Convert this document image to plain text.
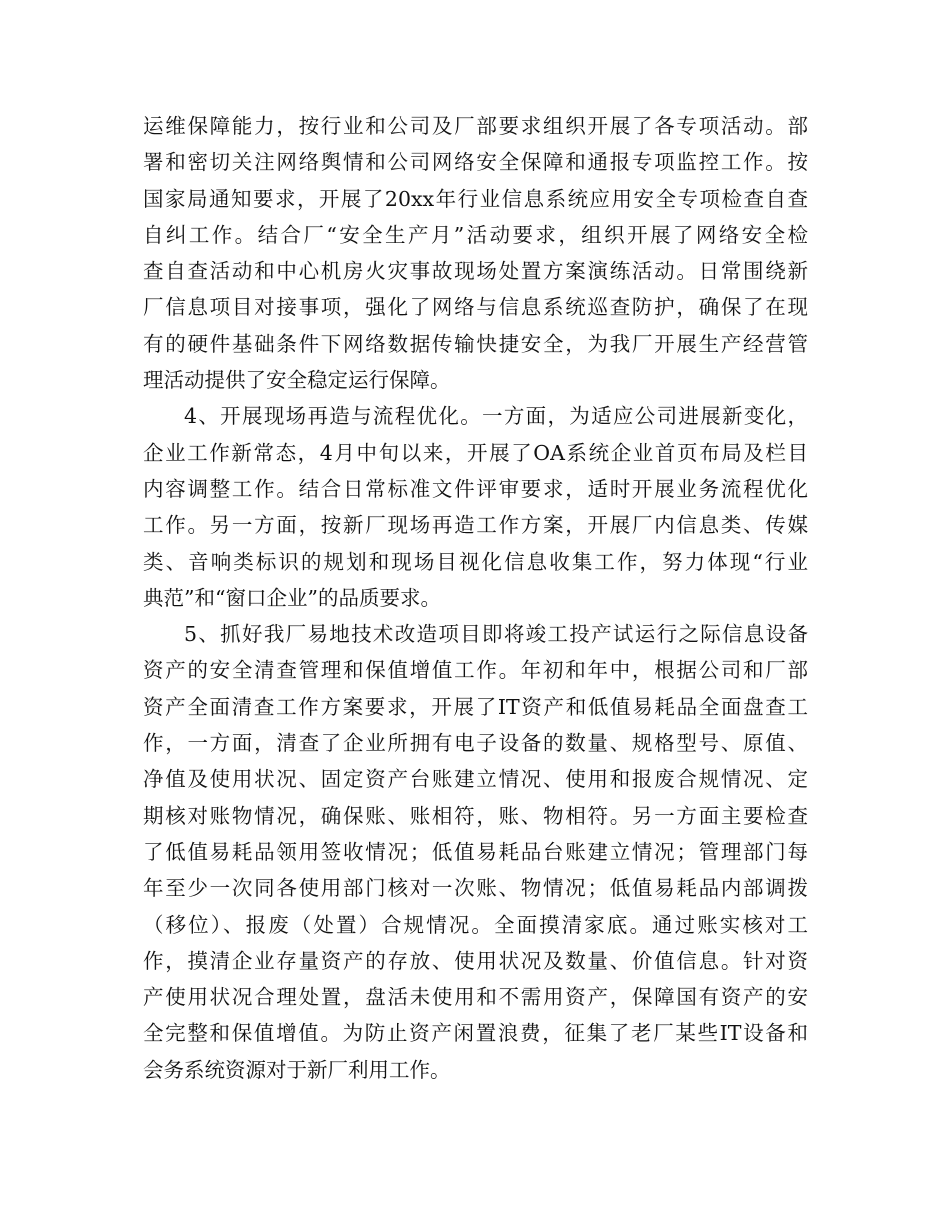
运维保障能力，按行业和公司及厂部要求组织开展了各专项活动。部
署和密切关注网络舆情和公司网络安全保障和通报专项监控工作。按
国家局通知要求，开展了20xx年行业信息系统应用安全专项检查自查
自纠工作。结合厂“安全生产月”活动要求，组织开展了网络安全检
查自查活动和中心机房火灾事故现场处置方案演练活动。日常围绕新
厂信息项目对接事项，强化了网络与信息系统巡查防护，确保了在现
有的硬件基础条件下网络数据传输快捷安全，为我厂开展生产经营管
理活动提供了安全稳定运行保障。
4、开展现场再造与流程优化。一方面，为适应公司进展新变化，
企业工作新常态，4月中旬以来，开展了OA系统企业首页布局及栏目
内容调整工作。结合日常标准文件评审要求，适时开展业务流程优化
工作。另一方面，按新厂现场再造工作方案，开展厂内信息类、传媒
类、音响类标识的规划和现场目视化信息收集工作，努力体现“行业
典范”和“窗口企业”的品质要求。
5、抓好我厂易地技术改造项目即将竣工投产试运行之际信息设备
资产的安全清查管理和保值增值工作。年初和年中，根据公司和厂部
资产全面清查工作方案要求，开展了IT资产和低值易耗品全面盘查工
作，一方面，清查了企业所拥有电子设备的数量、规格型号、原值、
净值及使用状况、固定资产台账建立情况、使用和报废合规情况、定
期核对账物情况，确保账、账相符，账、物相符。另一方面主要检查
了低值易耗品领用签收情况；低值易耗品台账建立情况；管理部门每
年至少一次同各使用部门核对一次账、物情况；低值易耗品内部调拨
（移位）、报废（处置）合规情况。全面摸清家底。通过账实核对工
作，摸清企业存量资产的存放、使用状况及数量、价值信息。针对资
产使用状况合理处置，盘活未使用和不需用资产，保障国有资产的安
全完整和保值增值。为防止资产闲置浪费，征集了老厂某些IT设备和
会务系统资源对于新厂利用工作。
